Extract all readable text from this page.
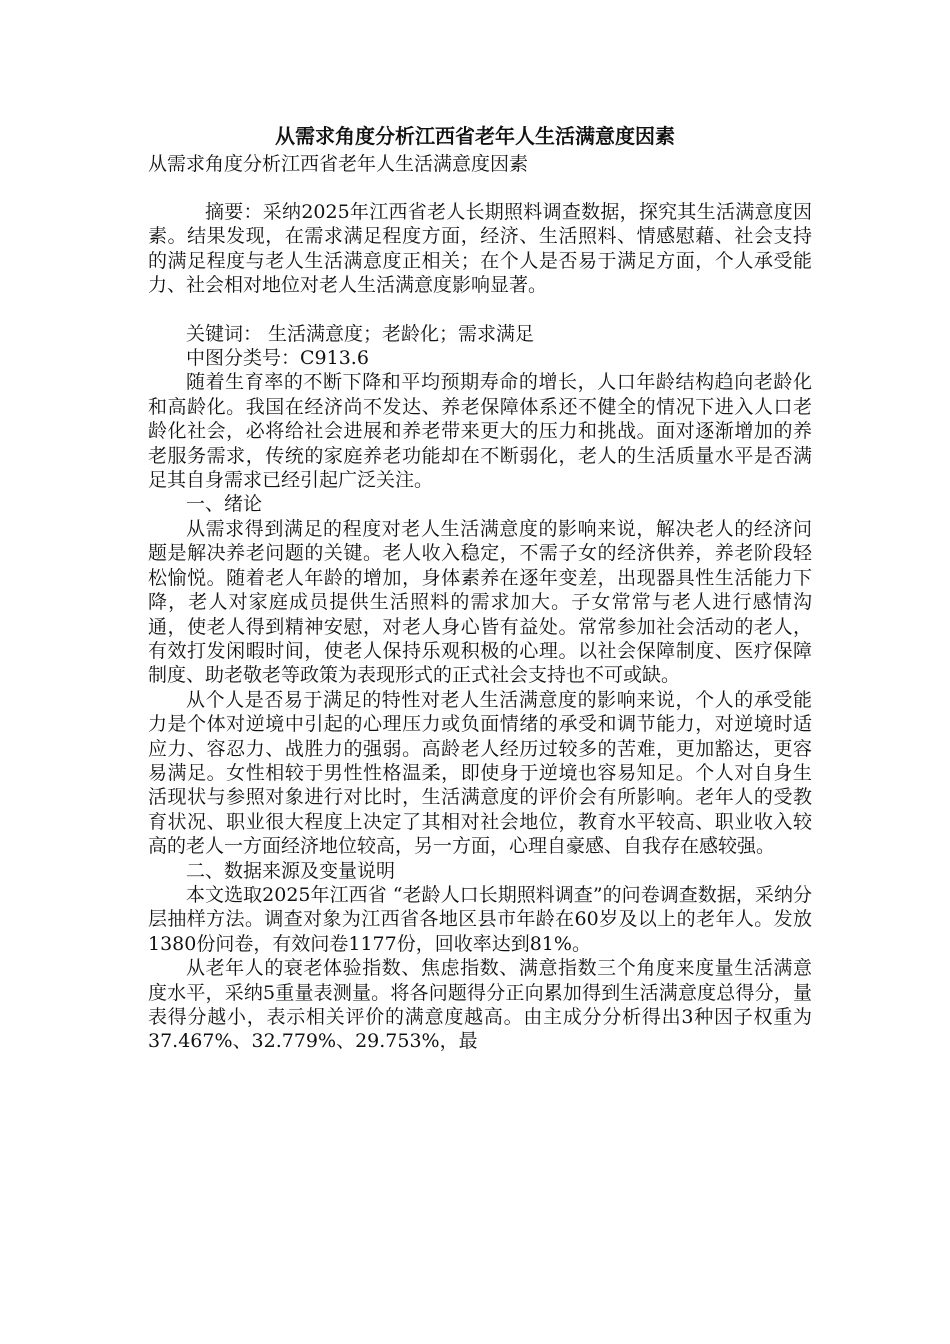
从需求角度分析江西省老年人生活满意度因素

从需求角度分析江西省老年人生活满意度因素

摘要：采纳2025年江西省老人长期照料调查数据，探究其生活满意度因素。结果发现，在需求满足程度方面，经济、生活照料、情感慰藉、社会支持的满足程度与老人生活满意度正相关；在个人是否易于满足方面，个人承受能力、社会相对地位对老人生活满意度影响显著。

关键词： 生活满意度；老龄化；需求满足

中图分类号：C913.6

随着生育率的不断下降和平均预期寿命的增长，人口年龄结构趋向老龄化和高龄化。我国在经济尚不发达、养老保障体系还不健全的情况下进入人口老龄化社会，必将给社会进展和养老带来更大的压力和挑战。面对逐渐增加的养老服务需求，传统的家庭养老功能却在不断弱化，老人的生活质量水平是否满足其自身需求已经引起广泛关注。

一、绪论

从需求得到满足的程度对老人生活满意度的影响来说，解决老人的经济问题是解决养老问题的关键。老人收入稳定，不需子女的经济供养，养老阶段轻松愉悦。随着老人年龄的增加，身体素养在逐年变差，出现器具性生活能力下降，老人对家庭成员提供生活照料的需求加大。子女常常与老人进行感情沟通，使老人得到精神安慰，对老人身心皆有益处。常常参加社会活动的老人，有效打发闲暇时间，使老人保持乐观积极的心理。以社会保障制度、医疗保障制度、助老敬老等政策为表现形式的正式社会支持也不可或缺。

从个人是否易于满足的特性对老人生活满意度的影响来说，个人的承受能力是个体对逆境中引起的心理压力或负面情绪的承受和调节能力，对逆境时适应力、容忍力、战胜力的强弱。高龄老人经历过较多的苦难，更加豁达，更容易满足。女性相较于男性性格温柔，即使身于逆境也容易知足。个人对自身生活现状与参照对象进行对比时，生活满意度的评价会有所影响。老年人的受教育状况、职业很大程度上决定了其相对社会地位，教育水平较高、职业收入较高的老人一方面经济地位较高，另一方面，心理自豪感、自我存在感较强。

二、数据来源及变量说明

本文选取2025年江西省 “老龄人口长期照料调查”的问卷调查数据，采纳分层抽样方法。调查对象为江西省各地区县市年龄在60岁及以上的老年人。发放1380份问卷，有效问卷1177份，回收率达到81%。

从老年人的衰老体验指数、焦虑指数、满意指数三个角度来度量生活满意度水平，采纳5重量表测量。将各问题得分正向累加得到生活满意度总得分，量表得分越小，表示相关评价的满意度越高。由主成分分析得出3种因子权重为37.467%、32.779%、29.753%，最
